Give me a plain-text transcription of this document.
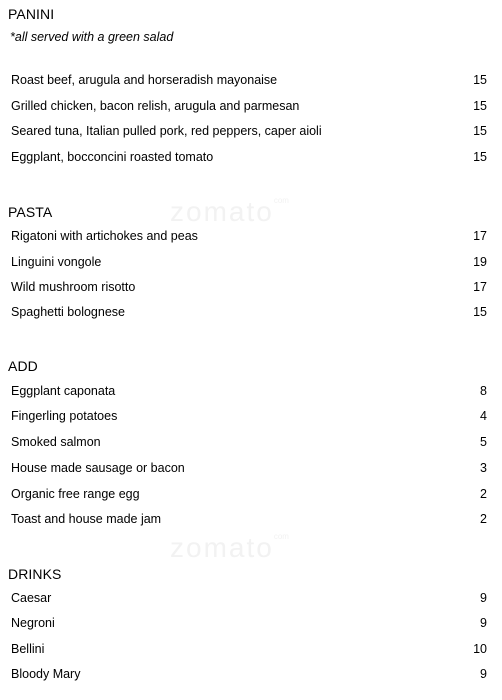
zomato$^{com}$
zomato$^{com}$
PANINI
*all served with a green salad
Roast beef, arugula and horseradish mayonaise	15
Grilled chicken, bacon relish, arugula and parmesan	15
Seared tuna, Italian pulled pork, red peppers, caper aioli	15
Eggplant, bocconcini roasted tomato	15
PASTA
Rigatoni with artichokes and peas	17
Linguini vongole	19
Wild mushroom risotto	17
Spaghetti bolognese	15
ADD
Eggplant caponata	8
Fingerling potatoes	4
Smoked salmon	5
House made sausage or bacon	3
Organic free range egg	2
Toast and house made jam	2
DRINKS
Caesar	9
Negroni	9
Bellini	10
Bloody Mary	9
